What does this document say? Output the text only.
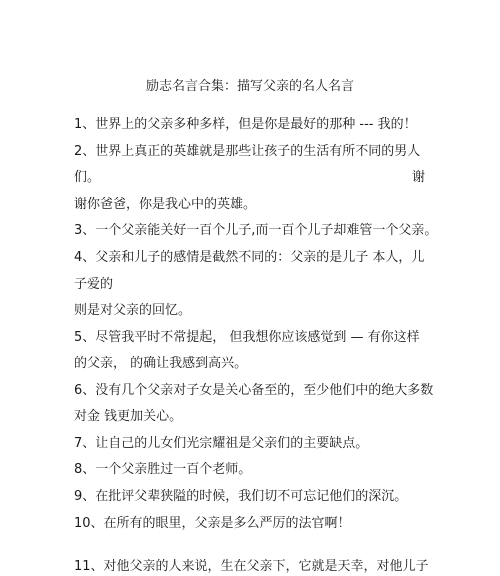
励志名言合集：描写父亲的名人名言
1、世界上的父亲多种多样，但是你是最好的那种 --- 我的！
2、世界上真正的英雄就是那些让孩子的生活有所不同的男人
们。	谢
谢你爸爸，你是我心中的英雄。
3、一个父亲能关好一百个儿子,而一百个儿子却难管一个父亲。
4、父亲和儿子的感情是截然不同的：父亲的是儿子 本人，儿
子爱的
则是对父亲的回忆。
5、尽管我平时不常提起， 但我想你应该感觉到 — 有你这样
的父亲， 的确让我感到高兴。
6、没有几个父亲对子女是关心备至的，至少他们中的绝大多数
对金 钱更加关心。
7、让自己的儿女们光宗耀祖是父亲们的主要缺点。
8、一个父亲胜过一百个老师。
9、在批评父辈狭隘的时候，我们切不可忘记他们的深沉。
10、在所有的眼里，父亲是多么严厉的法官啊！
11、对他父亲的人来说，生在父亲下，它就是天幸，对他儿子
